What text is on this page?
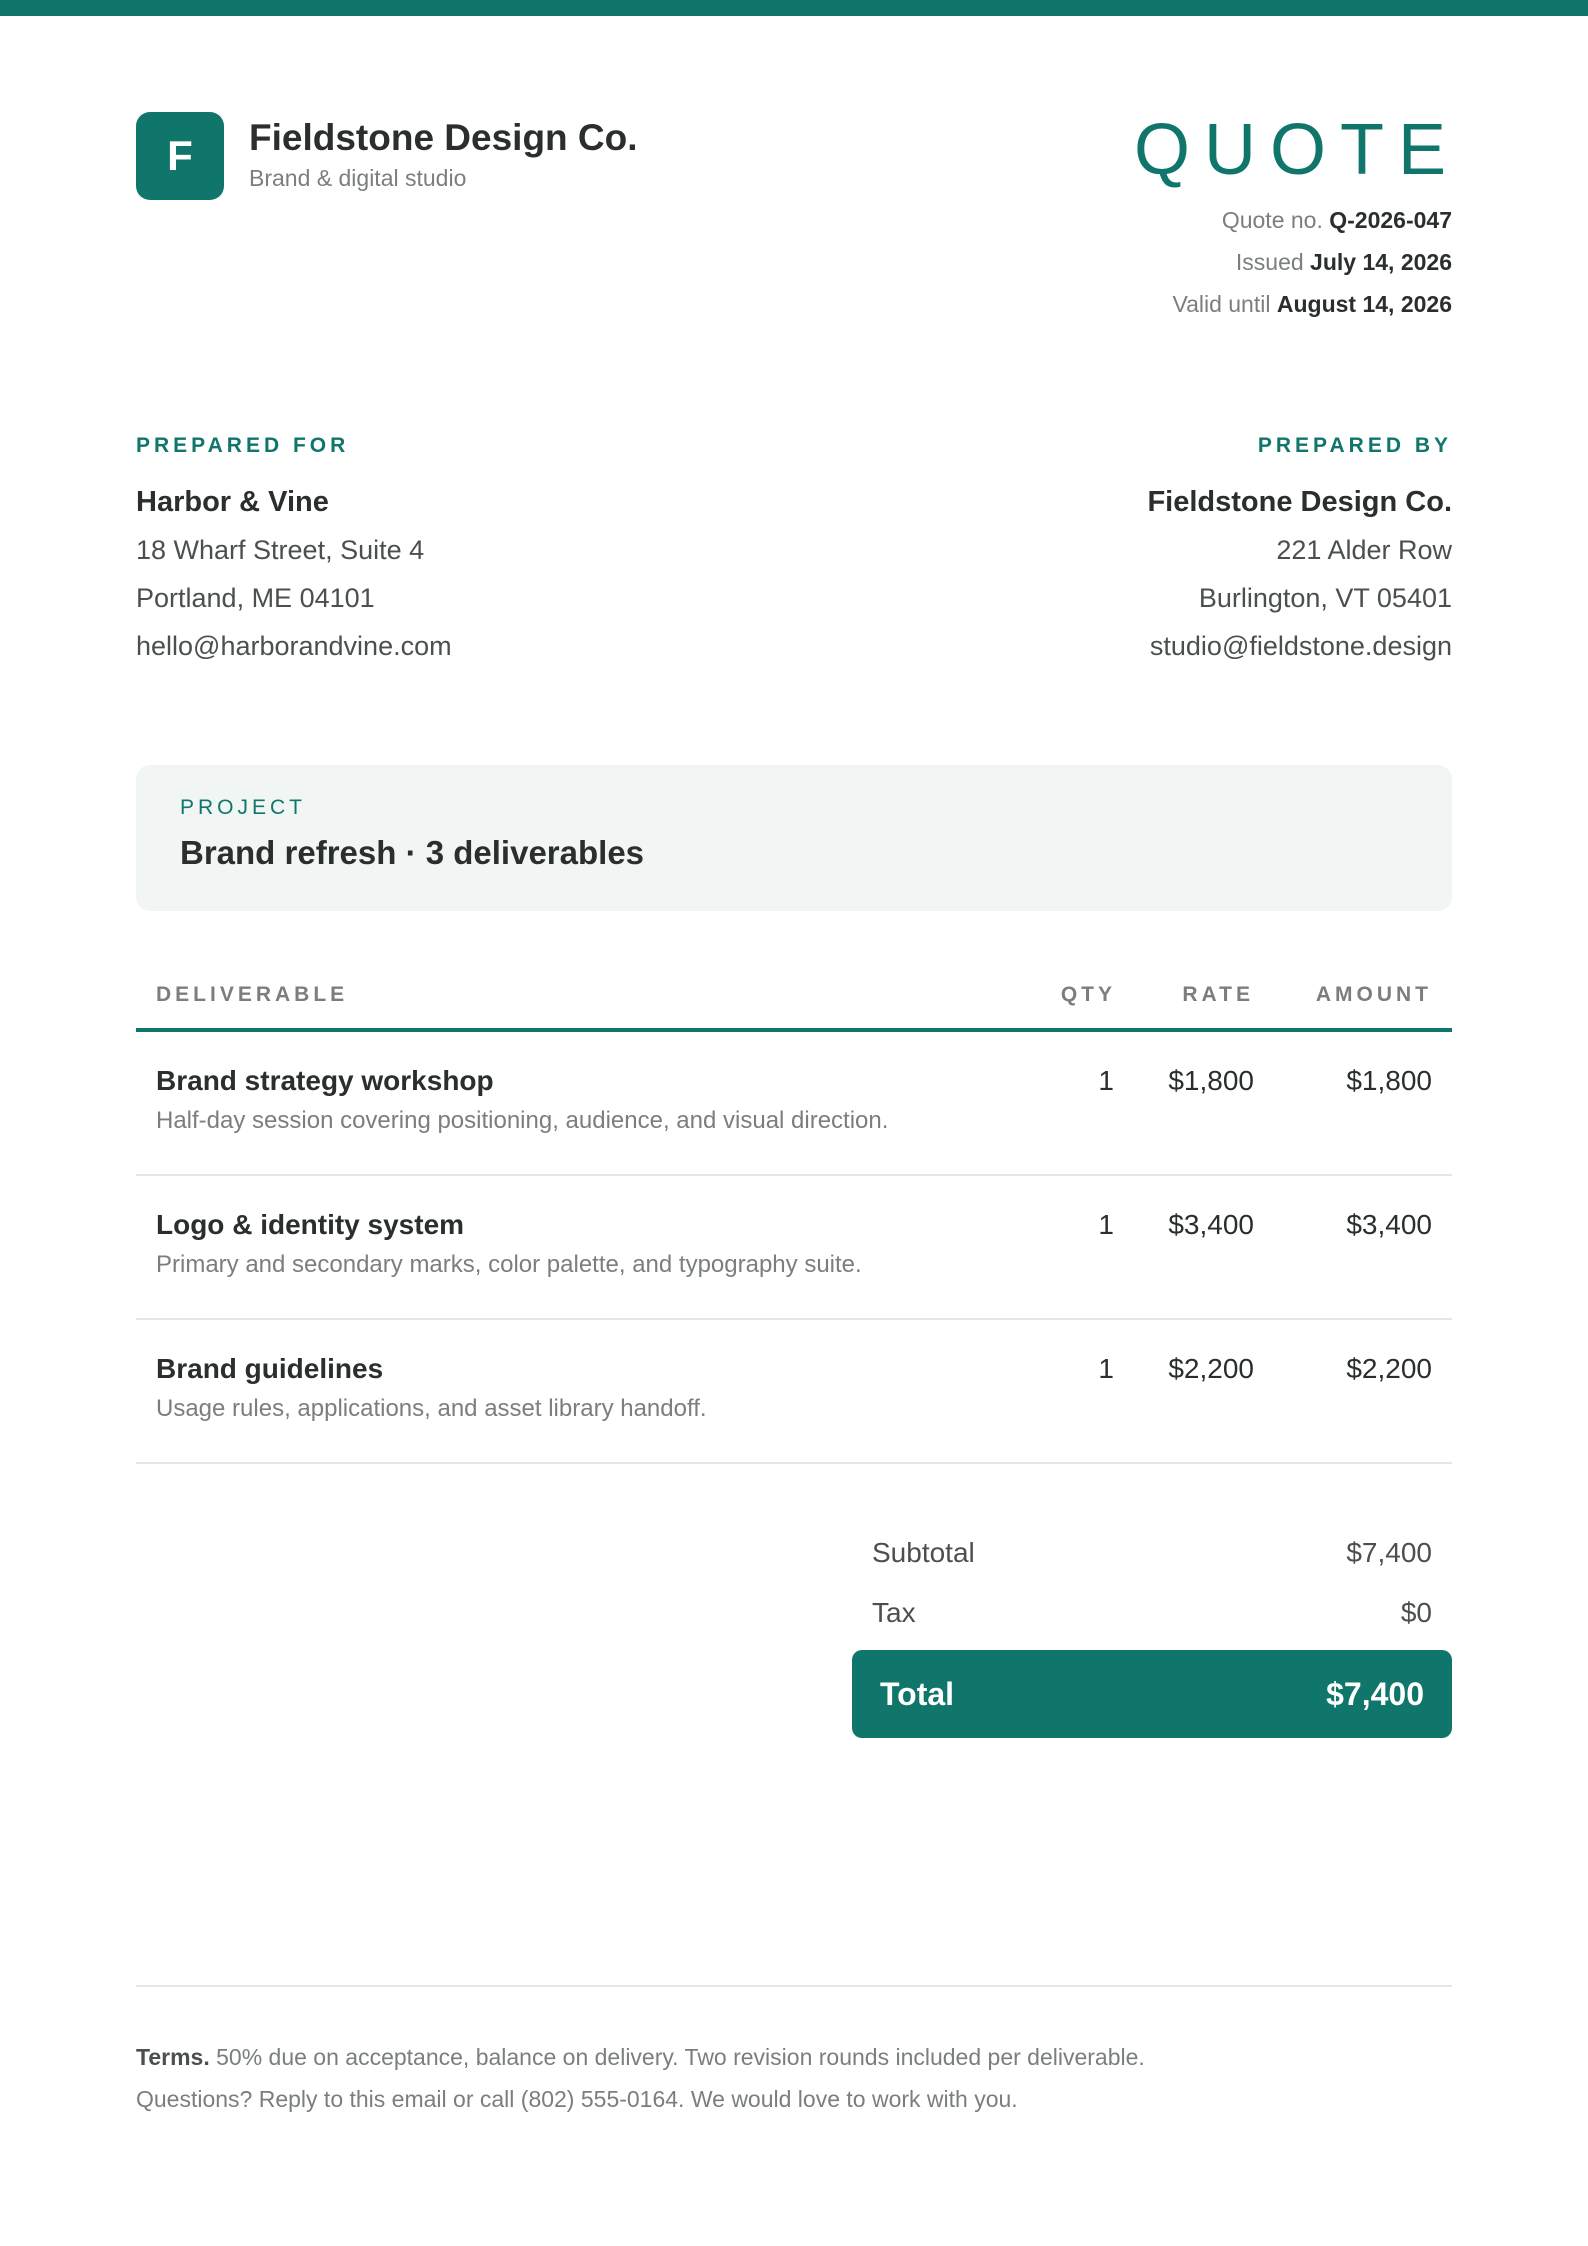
F Fieldstone Design Co.
Brand & digital studio	QUOTE
Quote no. Q-2026-047
Issued July 14, 2026
Valid until August 14, 2026
PREPARED FOR
Harbor & Vine
18 Wharf Street, Suite 4
Portland, ME 04101
hello@harborandvine.com
PREPARED BY
Fieldstone Design Co.
221 Alder Row
Burlington, VT 05401
studio@fieldstone.design
PROJECT
Brand refresh · 3 deliverables
DELIVERABLE	QTY	RATE	AMOUNT
Brand strategy workshop
Half-day session covering positioning, audience, and visual direction.
1 $1,800	$1,800
Logo & identity system
Primary and secondary marks, color palette, and typography suite.
1 $3,400	$3,400
Brand guidelines
Usage rules, applications, and asset library handoff.
1 $2,200	$2,200
Subtotal	$7,400
Tax	$0
Total	$7,400
Terms. 50% due on acceptance, balance on delivery. Two revision rounds included per deliverable.
Questions? Reply to this email or call (802) 555-0164. We would love to work with you.
